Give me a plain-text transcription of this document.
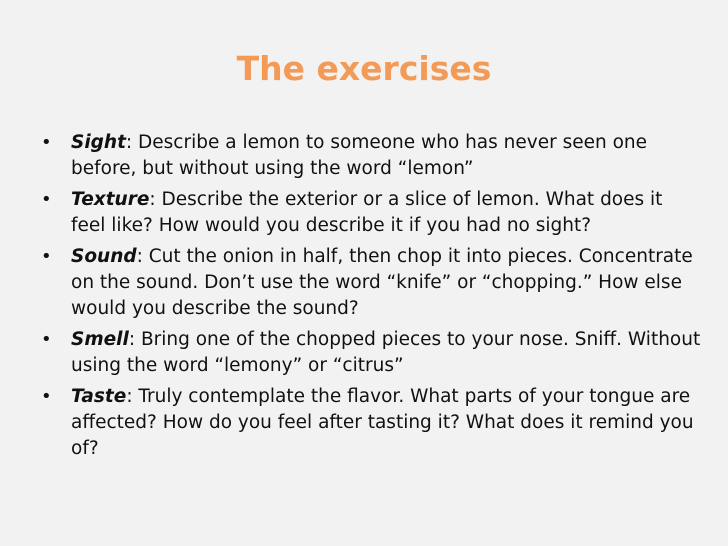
The exercises
•	Sight: Describe a lemon to someone who has never seen one before, but without using the word “lemon”
•	Texture: Describe the exterior or a slice of lemon. What does it feel like? How would you describe it if you had no sight?
•	Sound: Cut the onion in half, then chop it into pieces. Concentrate on the sound. Don’t use the word “knife” or “chopping.” How else would you describe the sound?
•	Smell: Bring one of the chopped pieces to your nose. Sniff. Without using the word “lemony” or “citrus”
•	Taste: Truly contemplate the flavor. What parts of your tongue are affected? How do you feel after tasting it? What does it remind you of?
